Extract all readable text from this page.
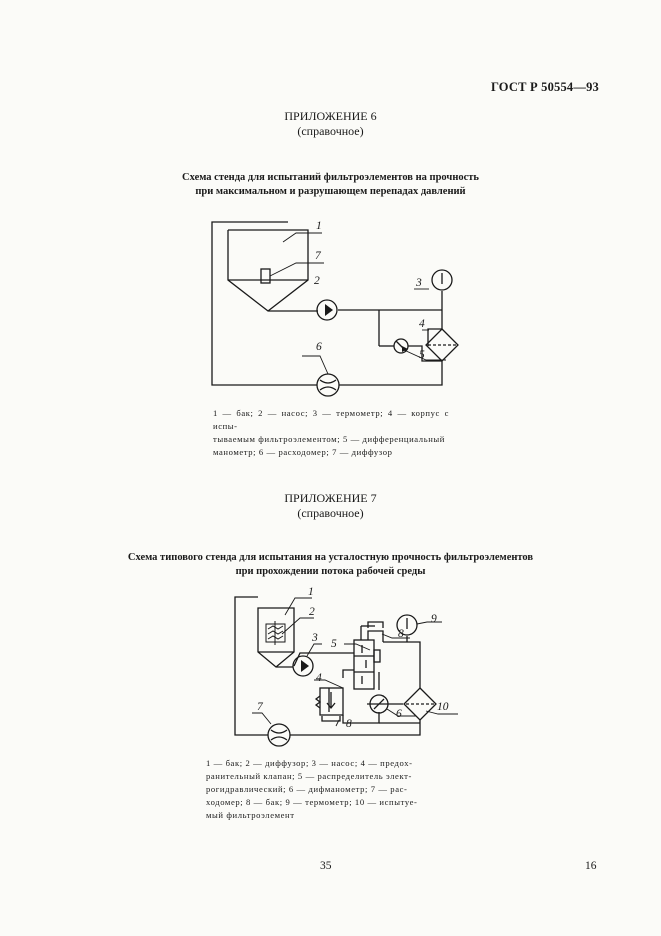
ГОСТ Р 50554—93
ПРИЛОЖЕНИЕ 6
(справочное)
Схема стенда для испытаний фильтроэлементов на прочность
при максимальном и разрушающем перепадах давлений
1
7
2	3
4
5
6
1
2
3
4
5
6
7
8
8
9
10
1 — бак; 2 — насос; 3 — термометр; 4 — корпус с испы-
тываемым фильтроэлементом; 5 — дифференциальный
манометр; 6 — расходомер; 7 — диффузор
ПРИЛОЖЕНИЕ 7
(справочное)
Схема типового стенда для испытания на усталостную прочность фильтроэлементов
при прохождении потока рабочей среды
1 — бак; 2 — диффузор; 3 — насос; 4 — предох-
ранительный клапан; 5 — распределитель элект-
рогидравлический; 6 — дифманометр; 7 — рас-
ходомер; 8 — бак; 9 — термометр; 10 — испытуе-
мый фильтроэлемент
35	16
